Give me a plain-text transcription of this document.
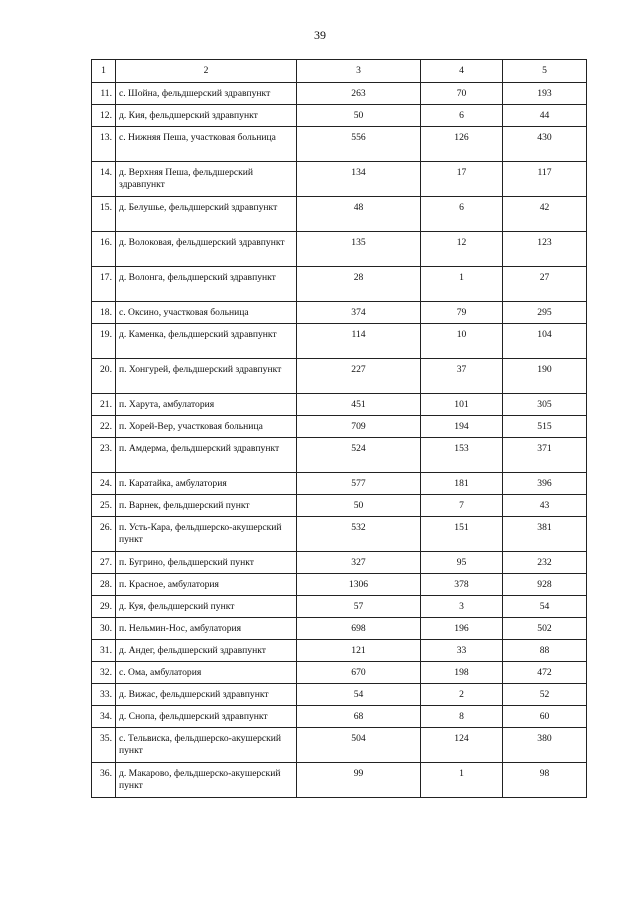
39
1	2	3	4	5
11.	с. Шойна, фельдшерский здравпункт	263	70	193
12.	д. Кия, фельдшерский здравпункт	50	6	44
13.	с. Нижняя Пеша, участковая больница	556	126	430
14.	д. Верхняя Пеша, фельдшерский здравпункт	134	17	117
15.	д. Белушье, фельдшерский здравпункт	48	6	42
16.	д. Волоковая, фельдшерский здравпункт	135	12	123
17.	д. Волонга, фельдшерский здравпункт	28	1	27
18.	с. Оксино, участковая больница	374	79	295
19.	д. Каменка, фельдшерский здравпункт	114	10	104
20.	п. Хонгурей, фельдшерский здравпункт	227	37	190
21.	п. Харута, амбулатория	451	101	305
22.	п. Хорей-Вер, участковая больница	709	194	515
23.	п. Амдерма, фельдшерский здравпункт	524	153	371
24.	п. Каратайка, амбулатория	577	181	396
25.	п. Варнек, фельдшерский пункт	50	7	43
26.	п. Усть-Кара, фельдшерско-акушерский пункт	532	151	381
27.	п. Бугрино, фельдшерский пункт	327	95	232
28.	п. Красное, амбулатория	1306	378	928
29.	д. Куя, фельдшерский пункт	57	3	54
30.	п. Нельмин-Нос, амбулатория	698	196	502
31.	д. Андег, фельдшерский здравпункт	121	33	88
32.	с. Ома, амбулатория	670	198	472
33.	д. Вижас, фельдшерский здравпункт	54	2	52
34.	д. Снопа, фельдшерский здравпункт	68	8	60
35.	с. Тельвиска, фельдшерско-акушерский пункт	504	124	380
36.	д. Макарово, фельдшерско-акушерский пункт	99	1	98
